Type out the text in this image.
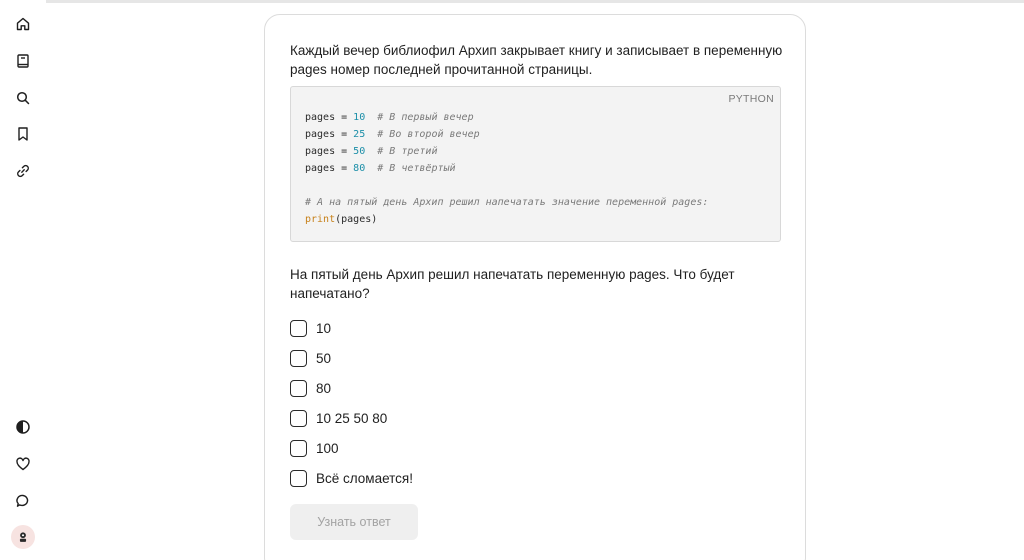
Каждый вечер библиофил Архип закрывает книгу и записывает в переменную pages номер последней прочитанной страницы.

PYTHON
pages = 10  # В первый вечер
pages = 25  # Во второй вечер
pages = 50  # В третий
pages = 80  # В четвёртый

# А на пятый день Архип решил напечатать значение переменной pages:
print(pages)

На пятый день Архип решил напечатать переменную pages. Что будет напечатано?

10
50
80
10 25 50 80
100
Всё сломается!
Узнать ответ
